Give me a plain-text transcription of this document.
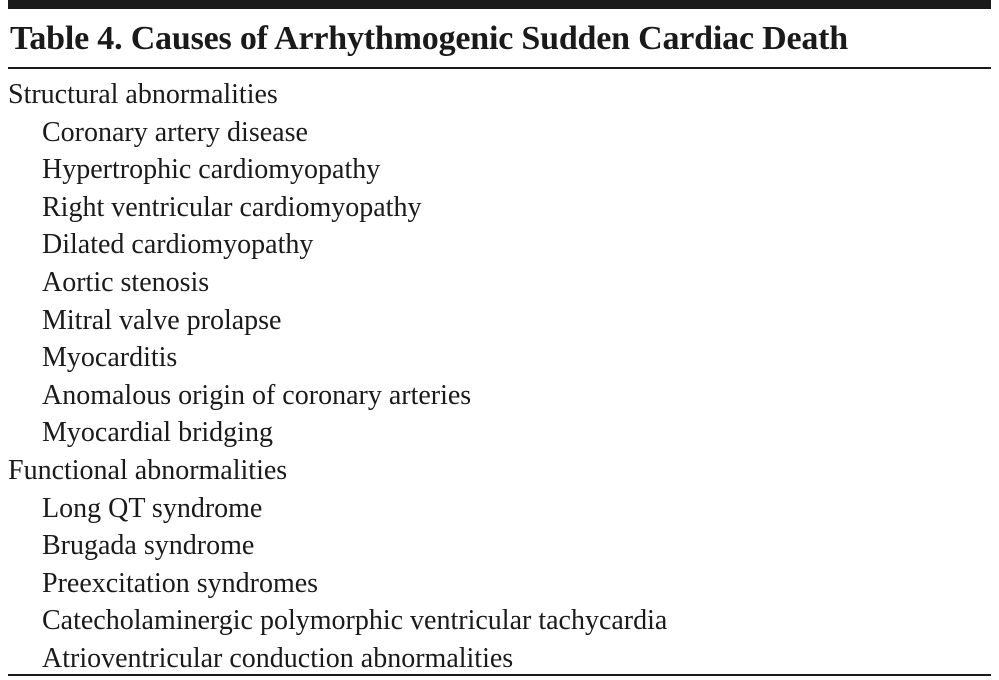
Table 4. Causes of Arrhythmogenic Sudden Cardiac Death
Structural abnormalities
Coronary artery disease
Hypertrophic cardiomyopathy
Right ventricular cardiomyopathy
Dilated cardiomyopathy
Aortic stenosis
Mitral valve prolapse
Myocarditis
Anomalous origin of coronary arteries
Myocardial bridging
Functional abnormalities
Long QT syndrome
Brugada syndrome
Preexcitation syndromes
Catecholaminergic polymorphic ventricular tachycardia
Atrioventricular conduction abnormalities
